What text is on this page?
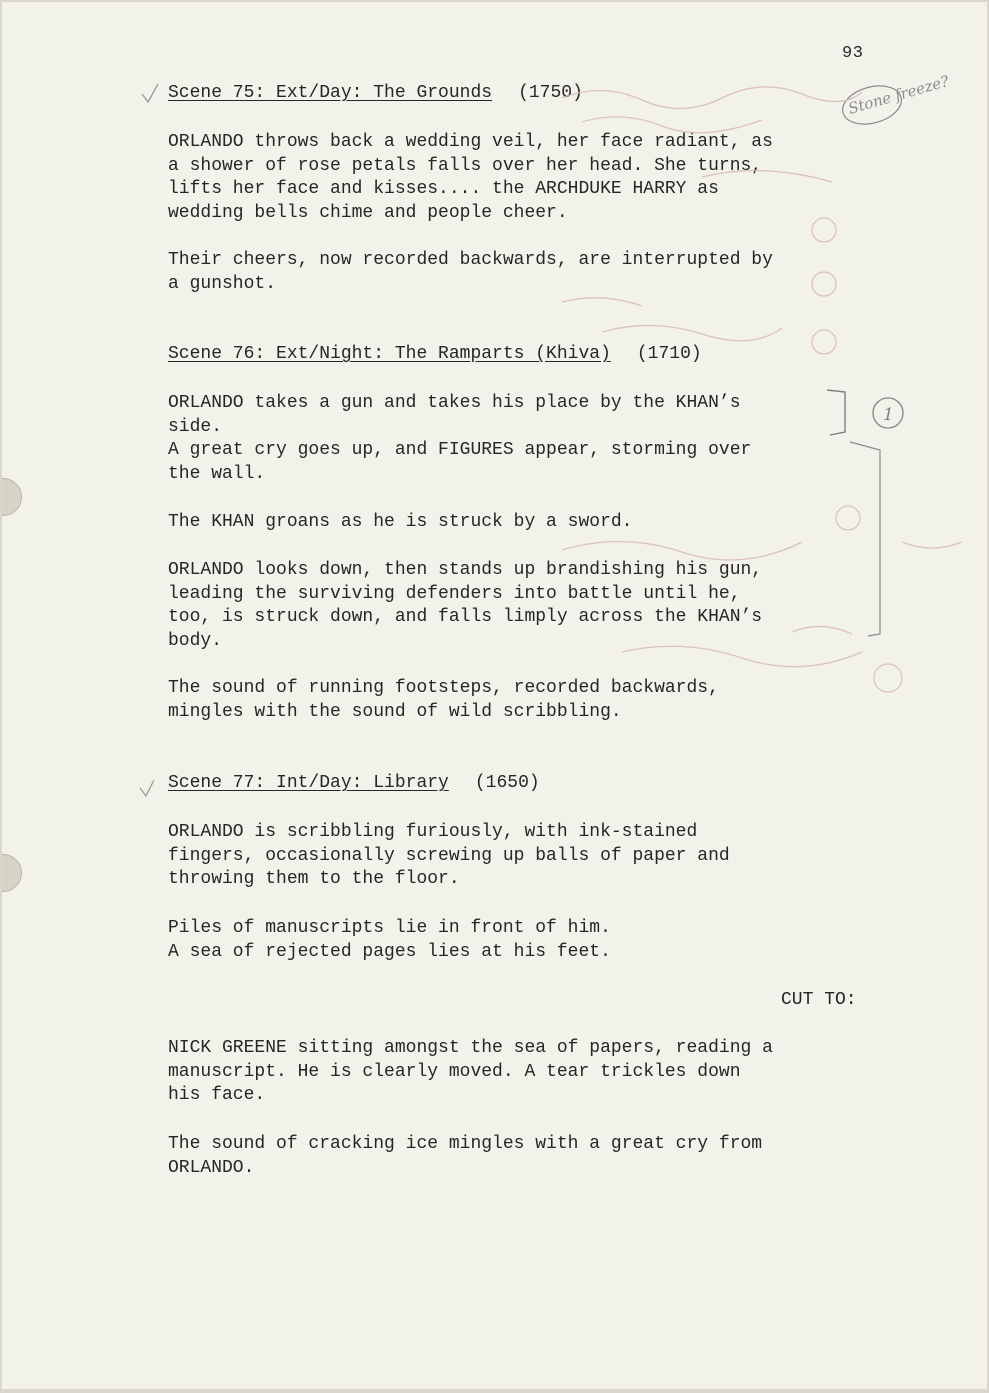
93
Scene 75: Ext/Day: The Grounds (1750)

ORLANDO throws back a wedding veil, her face radiant, as
a shower of rose petals falls over her head. She turns,
lifts her face and kisses.... the ARCHDUKE HARRY as
wedding bells chime and people cheer.

Their cheers, now recorded backwards, are interrupted by
a gunshot.

Scene 76: Ext/Night: The Ramparts (Khiva) (1710)

ORLANDO takes a gun and takes his place by the KHAN’s
side.
A great cry goes up, and FIGURES appear, storming over
the wall.

The KHAN groans as he is struck by a sword.

ORLANDO looks down, then stands up brandishing his gun,
leading the surviving defenders into battle until he,
too, is struck down, and falls limply across the KHAN’s
body.

The sound of running footsteps, recorded backwards,
mingles with the sound of wild scribbling.

Scene 77: Int/Day: Library (1650)

ORLANDO is scribbling furiously, with ink-stained
fingers, occasionally screwing up balls of paper and
throwing them to the floor.

Piles of manuscripts lie in front of him.
A sea of rejected pages lies at his feet.

CUT TO:

NICK GREENE sitting amongst the sea of papers, reading a
manuscript. He is clearly moved. A tear trickles down
his face.

The sound of cracking ice mingles with a great cry from
ORLANDO.

Stone freeze?
1
